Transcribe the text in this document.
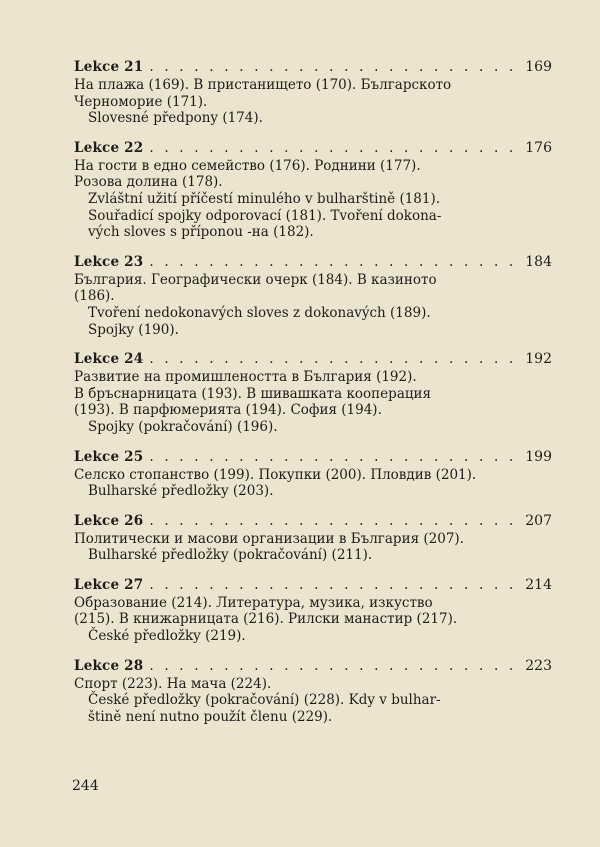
Lekce 21 . . .	169
На плажа (169). В пристанището (170). Българското
Черноморие (171).
Slovesné předpony (174).
Lekce 22 . . .	176
На гости в едно семейство (176). Роднини (177).
Розова долина (178).
Zvláštní užití příčestí minulého v bulharštině (181).
Souřadicí spojky odporovací (181). Tvoření dokona-
vých sloves s příponou -на (182).
Lekce 23 . . .	184
България. Географически очерк (184). В казиното
(186).
Tvoření nedokonavých sloves z dokonavých (189).
Spojky (190).
Lekce 24 . . .	192
Развитие на промишлеността в България (192).
В бръснарницата (193). В шивашката кооперация
(193). В парфюмерията (194). София (194).
Spojky (pokračování) (196).
Lekce 25 . . .	199
Селско стопанство (199). Покупки (200). Пловдив (201).
Bulharské předložky (203).
Lekce 26 . . .	207
Политически и масови организации в България (207).
Bulharské předložky (pokračování) (211).
Lekce 27 . . .	214
Образование (214). Литература, музика, изкуство
(215). В книжарницата (216). Рилски манастир (217).
České předložky (219).
Lekce 28 . . .	223
Спорт (223). На мача (224).
České předložky (pokračování) (228). Kdy v bulhar-
štině není nutno použít členu (229).
244
